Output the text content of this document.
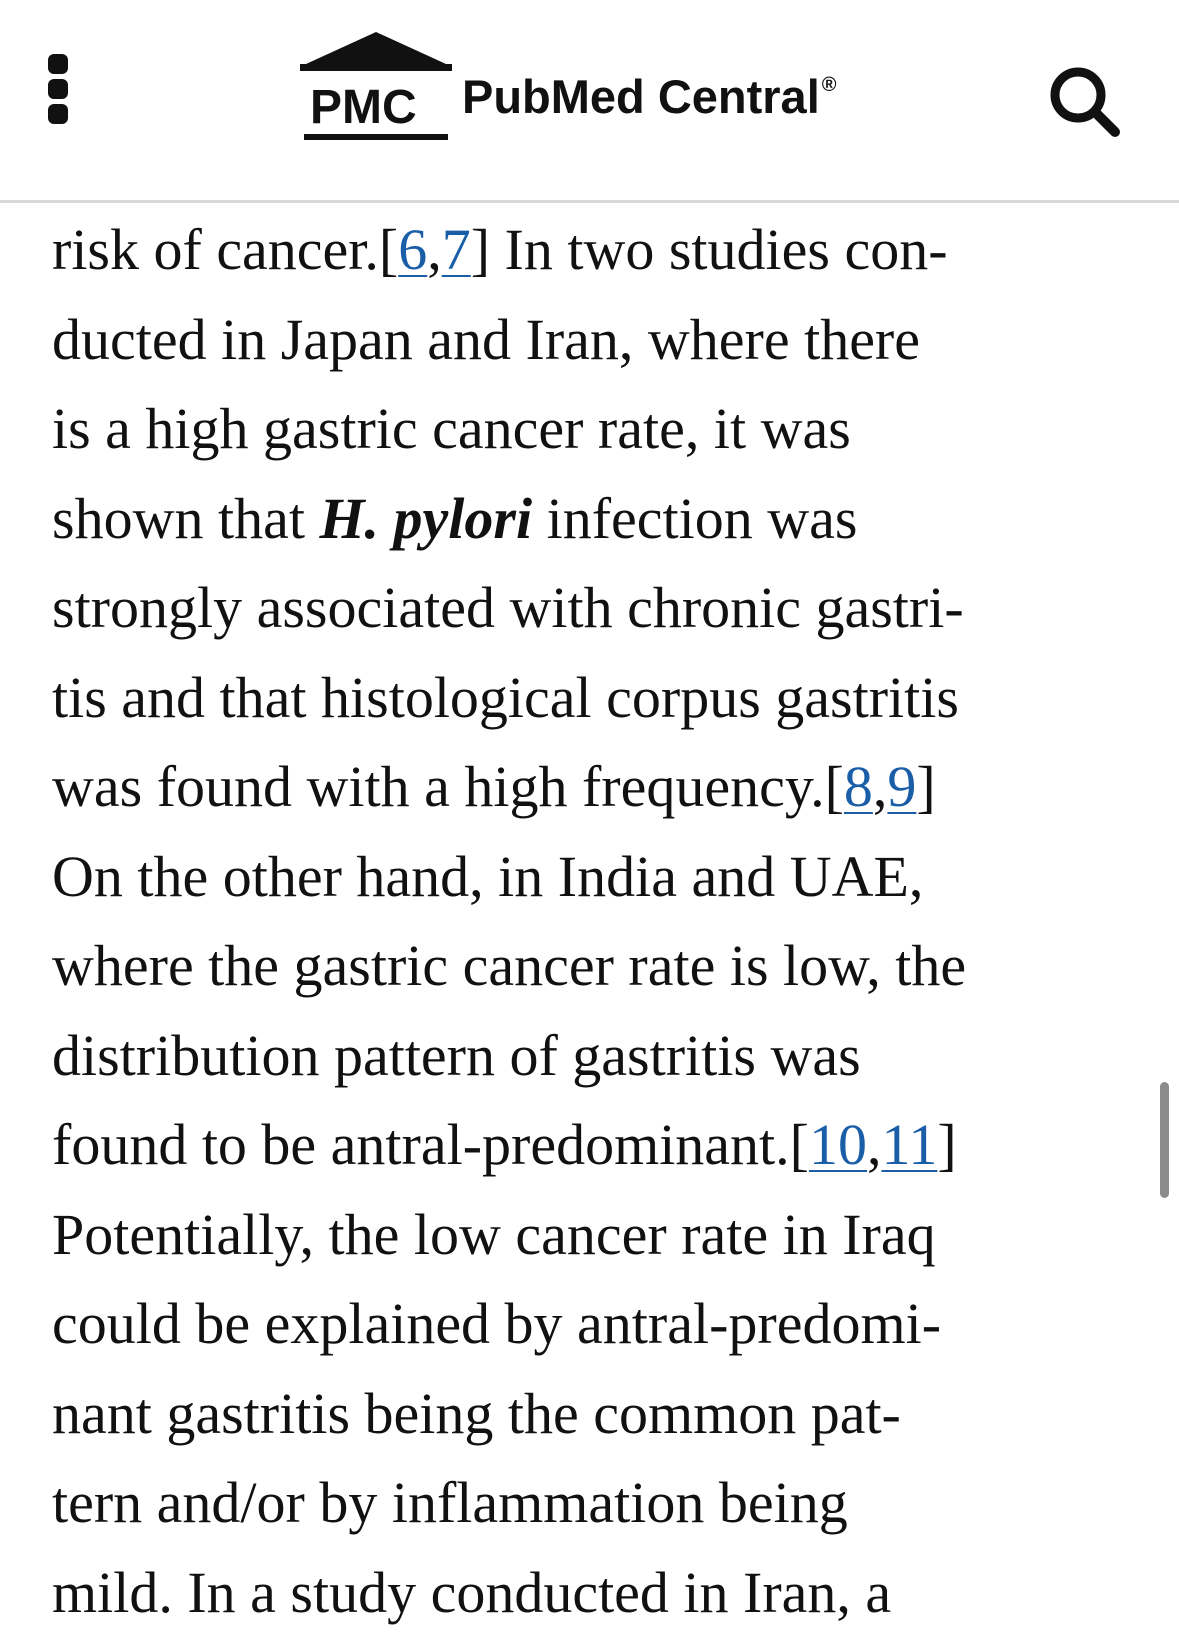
PMC PubMed Central ®
risk of cancer.[6,7] In two studies con-
ducted in Japan and Iran, where there
is a high gastric cancer rate, it was
shown that H. pylori infection was
strongly associated with chronic gastri-
tis and that histological corpus gastritis
was found with a high frequency.[8,9]
On the other hand, in India and UAE,
where the gastric cancer rate is low, the
distribution pattern of gastritis was
found to be antral-predominant.[10,11]
Potentially, the low cancer rate in Iraq
could be explained by antral-predomi-
nant gastritis being the common pat-
tern and/or by inflammation being
mild. In a study conducted in Iran, a
